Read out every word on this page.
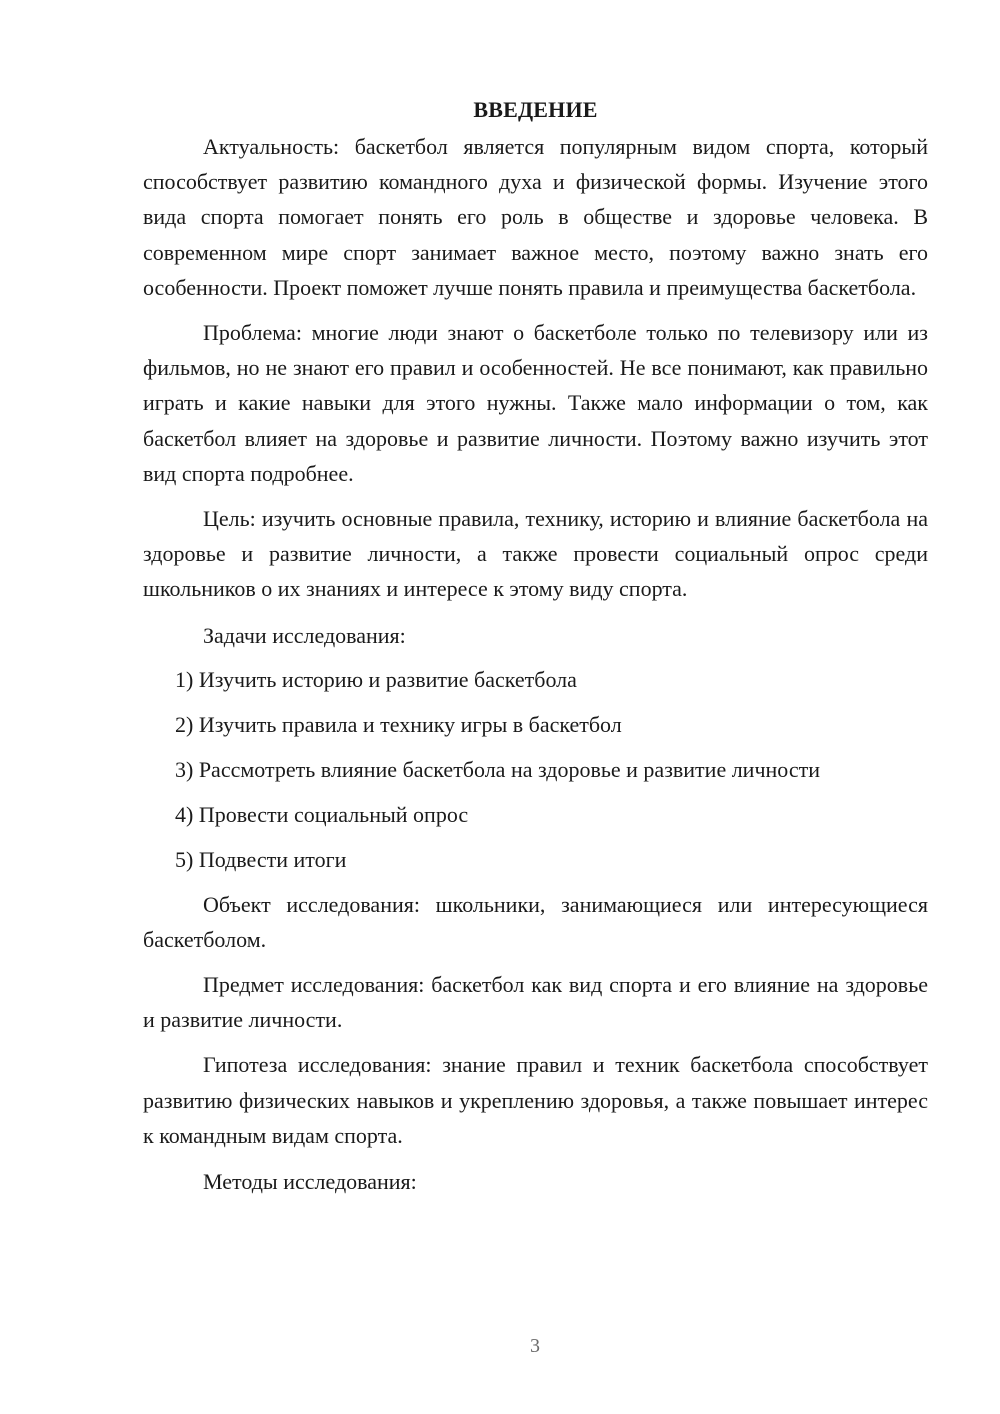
ВВЕДЕНИЕ

Актуальность: баскетбол является популярным видом спорта, который способствует развитию командного духа и физической формы. Изучение этого вида спорта помогает понять его роль в обществе и здоровье человека. В современном мире спорт занимает важное место, поэтому важно знать его особенности. Проект поможет лучше понять правила и преимущества баскетбола.

Проблема: многие люди знают о баскетболе только по телевизору или из фильмов, но не знают его правил и особенностей. Не все понимают, как правильно играть и какие навыки для этого нужны. Также мало информации о том, как баскетбол влияет на здоровье и развитие личности. Поэтому важно изучить этот вид спорта подробнее.

Цель: изучить основные правила, технику, историю и влияние баскетбола на здоровье и развитие личности, а также провести социальный опрос среди школьников о их знаниях и интересе к этому виду спорта.

Задачи исследования:
1) Изучить историю и развитие баскетбола
2) Изучить правила и технику игры в баскетбол
3) Рассмотреть влияние баскетбола на здоровье и развитие личности
4) Провести социальный опрос
5) Подвести итоги

Объект исследования: школьники, занимающиеся или интересующиеся баскетболом.

Предмет исследования: баскетбол как вид спорта и его влияние на здоровье и развитие личности.

Гипотеза исследования: знание правил и техник баскетбола способствует развитию физических навыков и укреплению здоровья, а также повышает интерес к командным видам спорта.

Методы исследования:
3
